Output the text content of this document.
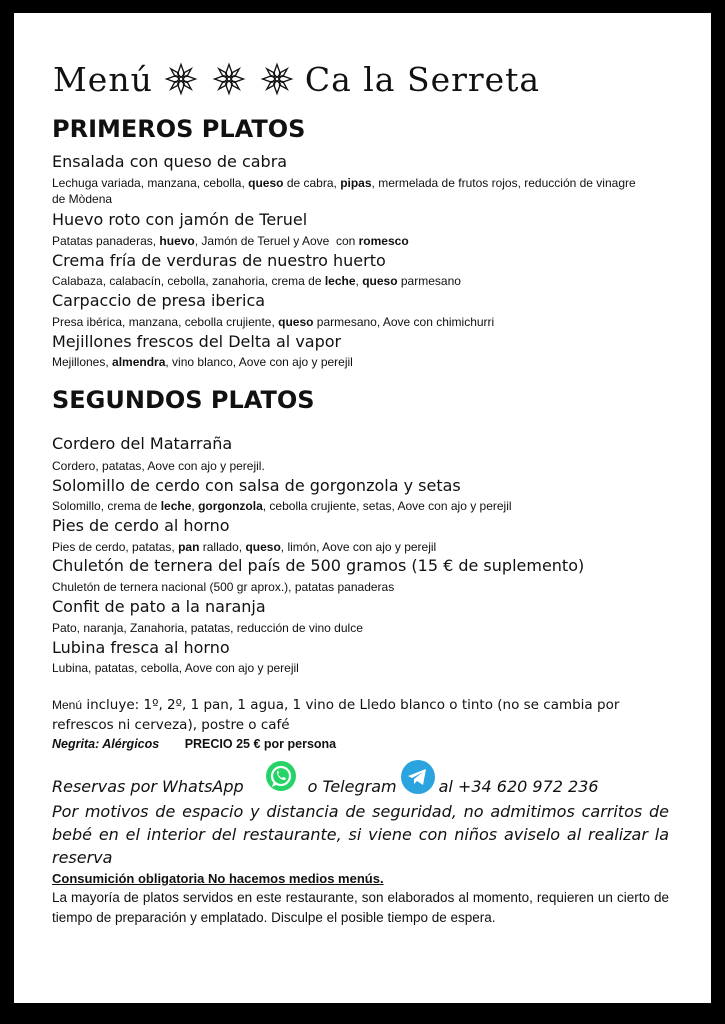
Menú	Ca la Serreta
PRIMEROS PLATOS
Ensalada con queso de cabra
Lechuga variada, manzana, cebolla, queso de cabra, pipas, mermelada de frutos rojos, reducción de vinagre de Mòdena
Huevo roto con jamón de Teruel
Patatas panaderas, huevo, Jamón de Teruel y Aove  con romesco
Crema fría de verduras de nuestro huerto
Calabaza, calabacín, cebolla, zanahoria, crema de leche, queso parmesano
Carpaccio de presa iberica
Presa ibérica, manzana, cebolla crujiente, queso parmesano, Aove con chimichurri
Mejillones frescos del Delta al vapor
Mejillones, almendra, vino blanco, Aove con ajo y perejil
SEGUNDOS PLATOS
Cordero del Matarraña
Cordero, patatas, Aove con ajo y perejil.
Solomillo de cerdo con salsa de gorgonzola y setas
Solomillo, crema de leche, gorgonzola, cebolla crujiente, setas, Aove con ajo y perejil
Pies de cerdo al horno
Pies de cerdo, patatas, pan rallado, queso, limón, Aove con ajo y perejil
Chuletón de ternera del país de 500 gramos (15 € de suplemento)
Chuletón de ternera nacional (500 gr aprox.), patatas panaderas
Confit de pato a la naranja
Pato, naranja, Zanahoria, patatas, reducción de vino dulce
Lubina fresca al horno
Lubina, patatas, cebolla, Aove con ajo y perejil
Menú incluye: 1º, 2º, 1 pan, 1 agua, 1 vino de Lledo blanco o tinto (no se cambia por refrescos ni cerveza), postre o café
Negrita: Alérgicos PRECIO 25 € por persona
Reservas por WhatsApp	o Telegram	al +34 620 972 236
Por motivos de espacio y distancia de seguridad, no admitimos carritos de bebé en el interior del restaurante, si viene con niños aviselo al realizar la reserva
Consumición obligatoria No hacemos medios menús.
La mayoría de platos servidos en este restaurante, son elaborados al momento, requieren un cierto de tiempo de preparación y emplatado. Disculpe el posible tiempo de espera.
